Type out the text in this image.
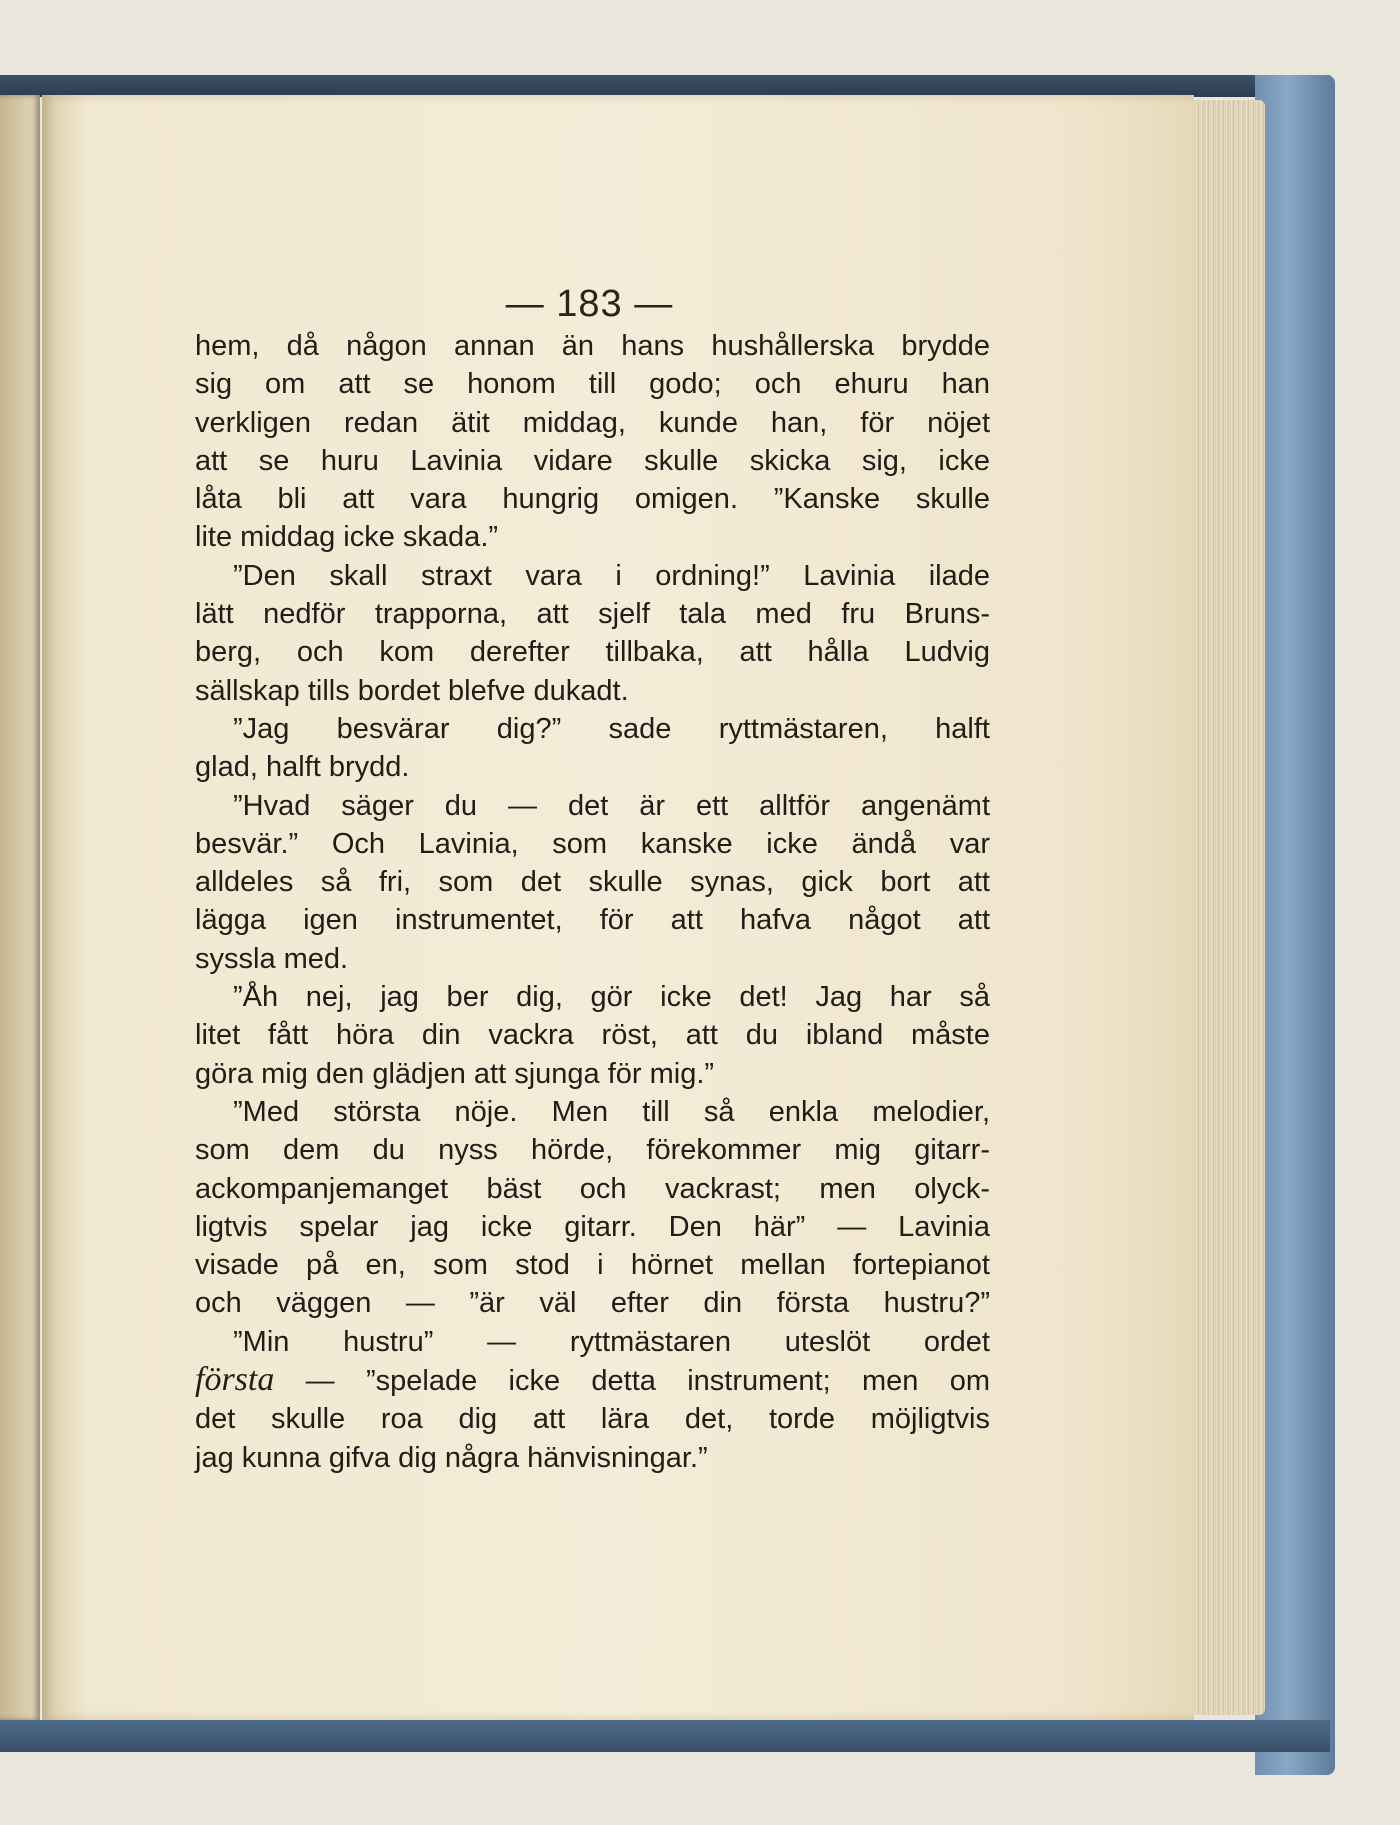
— 183 —
hem, då någon annan än hans hushållerska brydde
sig om att se honom till godo; och ehuru han
verkligen redan ätit middag, kunde han, för nöjet
att se huru Lavinia vidare skulle skicka sig, icke
låta bli att vara hungrig omigen. ”Kanske skulle
lite middag icke skada.”
”Den skall straxt vara i ordning!” Lavinia ilade
lätt nedför trapporna, att sjelf tala med fru Bruns-
berg, och kom derefter tillbaka, att hålla Ludvig
sällskap tills bordet blefve dukadt.
”Jag besvärar dig?” sade ryttmästaren, halft
glad, halft brydd.
”Hvad säger du — det är ett alltför angenämt
besvär.” Och Lavinia, som kanske icke ändå var
alldeles så fri, som det skulle synas, gick bort att
lägga igen instrumentet, för att hafva något att
syssla med.
”Åh nej, jag ber dig, gör icke det! Jag har så
litet fått höra din vackra röst, att du ibland måste
göra mig den glädjen att sjunga för mig.”
”Med största nöje. Men till så enkla melodier,
som dem du nyss hörde, förekommer mig gitarr-
ackompanjemanget bäst och vackrast; men olyck-
ligtvis spelar jag icke gitarr. Den här” — Lavinia
visade på en, som stod i hörnet mellan fortepianot
och väggen — ”är väl efter din första hustru?”
”Min hustru” — ryttmästaren uteslöt ordet
första — ”spelade icke detta instrument; men om
det skulle roa dig att lära det, torde möjligtvis
jag kunna gifva dig några hänvisningar.”
